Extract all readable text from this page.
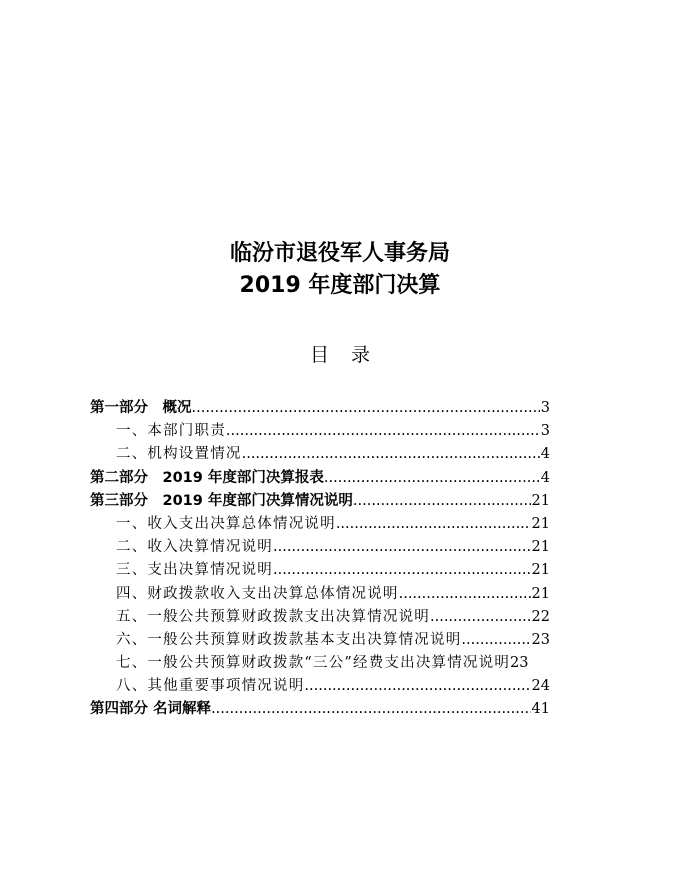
临汾市退役军人事务局
2019 年度部门决算
目录
第一部分　概况 .....	3
一、本部门职责 .....	3
二、机构设置情况 .....	4
第二部分　2019 年度部门决算报表 .....	4
第三部分　2019 年度部门决算情况说明 .....	21
一、收入支出决算总体情况说明 .....	21
二、收入决算情况说明 .....	21
三、支出决算情况说明 .....	21
四、财政拨款收入支出决算总体情况说明 .....	21
五、一般公共预算财政拨款支出决算情况说明 .....	22
六、一般公共预算财政拨款基本支出决算情况说明 .....	23
七、一般公共预算财政拨款“三公”经费支出决算情况说明 23
八、其他重要事项情况说明 .....	24
第四部分 名词解释 .....	41
